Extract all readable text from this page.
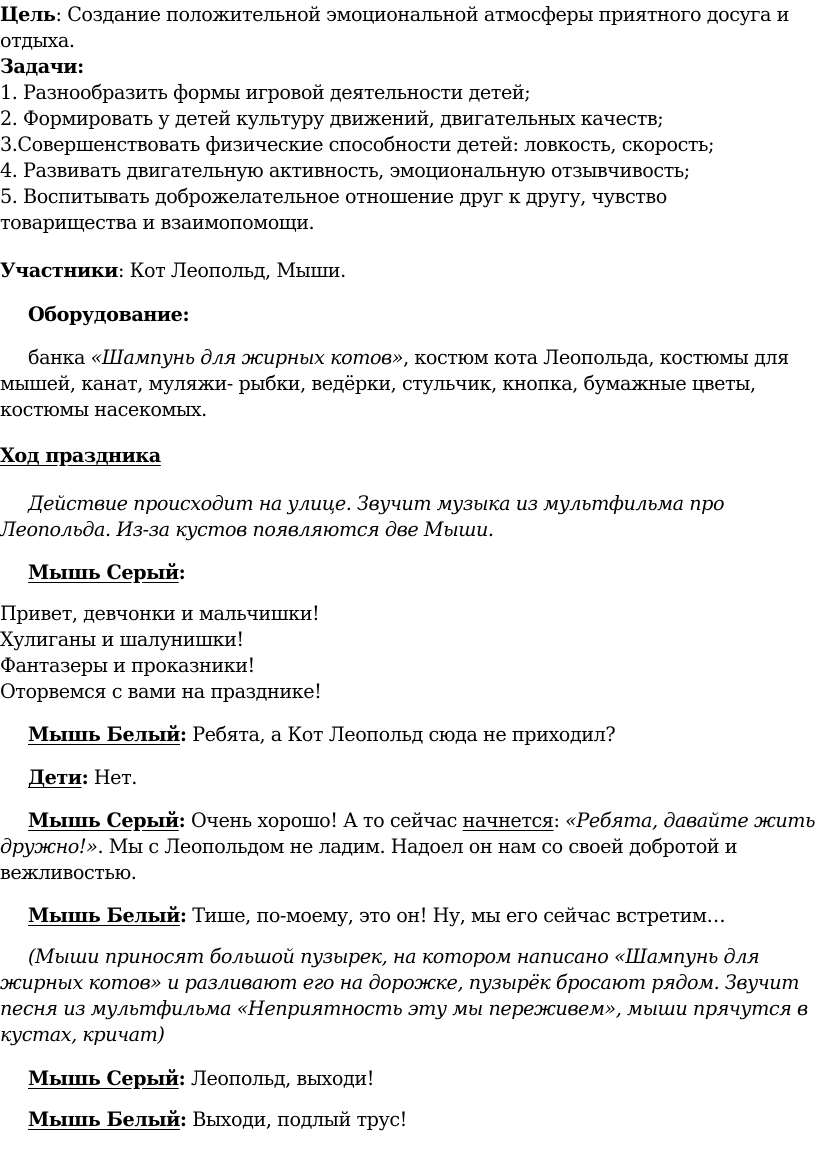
Цель: Создание положительной эмоциональной атмосферы приятного досуга и
отдыха.
Задачи:
1. Разнообразить формы игровой деятельности детей;
2. Формировать у детей культуру движений, двигательных качеств;
3.Совершенствовать физические способности детей: ловкость, скорость;
4. Развивать двигательную активность, эмоциональную отзывчивость;
5. Воспитывать доброжелательное отношение друг к другу, чувство
товарищества и взаимопомощи.
Участники: Кот Леопольд, Мыши.
Оборудование:
банка «Шампунь для жирных котов», костюм кота Леопольда, костюмы для
мышей, канат, муляжи- рыбки, ведёрки, стульчик, кнопка, бумажные цветы,
костюмы насекомых.
Ход праздника
Действие происходит на улице. Звучит музыка из мультфильма про
Леопольда. Из-за кустов появляются две Мыши.
Мышь Серый:
Привет, девчонки и мальчишки!
Хулиганы и шалунишки!
Фантазеры и проказники!
Оторвемся с вами на празднике!
Мышь Белый: Ребята, а Кот Леопольд сюда не приходил?
Дети: Нет.
Мышь Серый: Очень хорошо! А то сейчас начнется: «Ребята, давайте жить
дружно!». Мы с Леопольдом не ладим. Надоел он нам со своей добротой и
вежливостью.
Мышь Белый: Тише, по-моему, это он! Ну, мы его сейчас встретим…
(Мыши приносят большой пузырек, на котором написано «Шампунь для
жирных котов» и разливают его на дорожке, пузырёк бросают рядом. Звучит
песня из мультфильма «Неприятность эту мы переживем», мыши прячутся в
кустах, кричат)
Мышь Серый: Леопольд, выходи!
Мышь Белый: Выходи, подлый трус!
